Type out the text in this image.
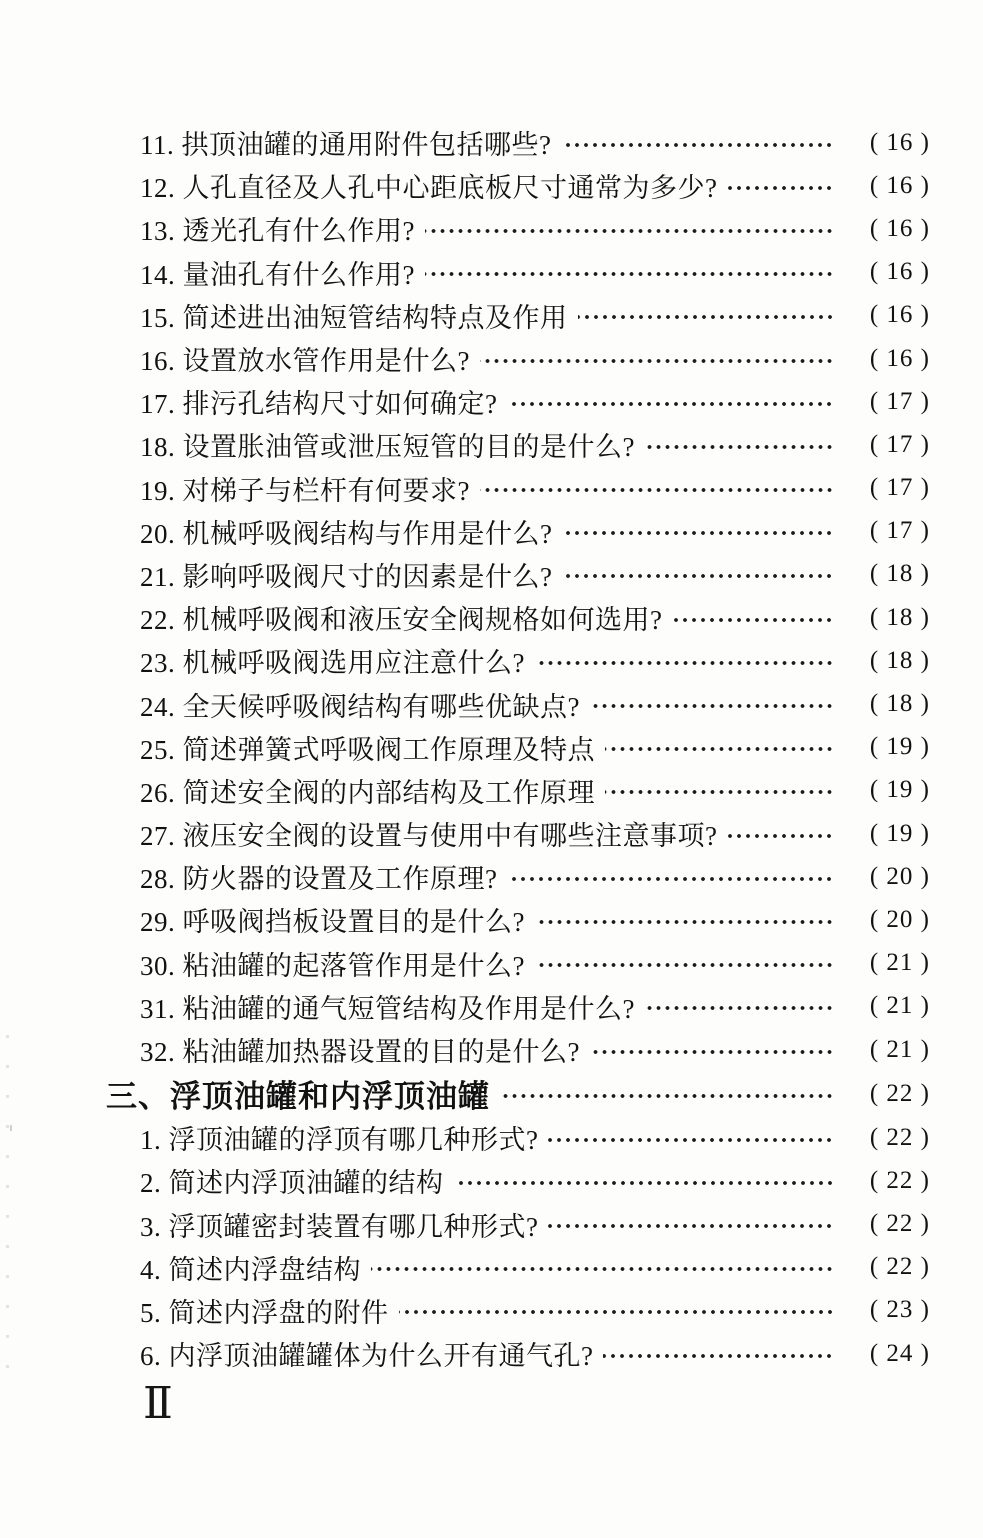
11. 拱顶油罐的通用附件包括哪些?	( 16 )
12. 人孔直径及人孔中心距底板尺寸通常为多少?	( 16 )
13. 透光孔有什么作用?	( 16 )
14. 量油孔有什么作用?	( 16 )
15. 简述进出油短管结构特点及作用	( 16 )
16. 设置放水管作用是什么?	( 16 )
17. 排污孔结构尺寸如何确定?	( 17 )
18. 设置胀油管或泄压短管的目的是什么?	( 17 )
19. 对梯子与栏杆有何要求?	( 17 )
20. 机械呼吸阀结构与作用是什么?	( 17 )
21. 影响呼吸阀尺寸的因素是什么?	( 18 )
22. 机械呼吸阀和液压安全阀规格如何选用?	( 18 )
23. 机械呼吸阀选用应注意什么?	( 18 )
24. 全天候呼吸阀结构有哪些优缺点?	( 18 )
25. 简述弹簧式呼吸阀工作原理及特点	( 19 )
26. 简述安全阀的内部结构及工作原理	( 19 )
27. 液压安全阀的设置与使用中有哪些注意事项?	( 19 )
28. 防火器的设置及工作原理?	( 20 )
29. 呼吸阀挡板设置目的是什么?	( 20 )
30. 粘油罐的起落管作用是什么?	( 21 )
31. 粘油罐的通气短管结构及作用是什么?	( 21 )
32. 粘油罐加热器设置的目的是什么?	( 21 )
三、浮顶油罐和内浮顶油罐	( 22 )
1. 浮顶油罐的浮顶有哪几种形式?	( 22 )
2. 简述内浮顶油罐的结构	( 22 )
3. 浮顶罐密封装置有哪几种形式?	( 22 )
4. 简述内浮盘结构	( 22 )
5. 简述内浮盘的附件	( 23 )
6. 内浮顶油罐罐体为什么开有通气孔?	( 24 )
Ⅱ
